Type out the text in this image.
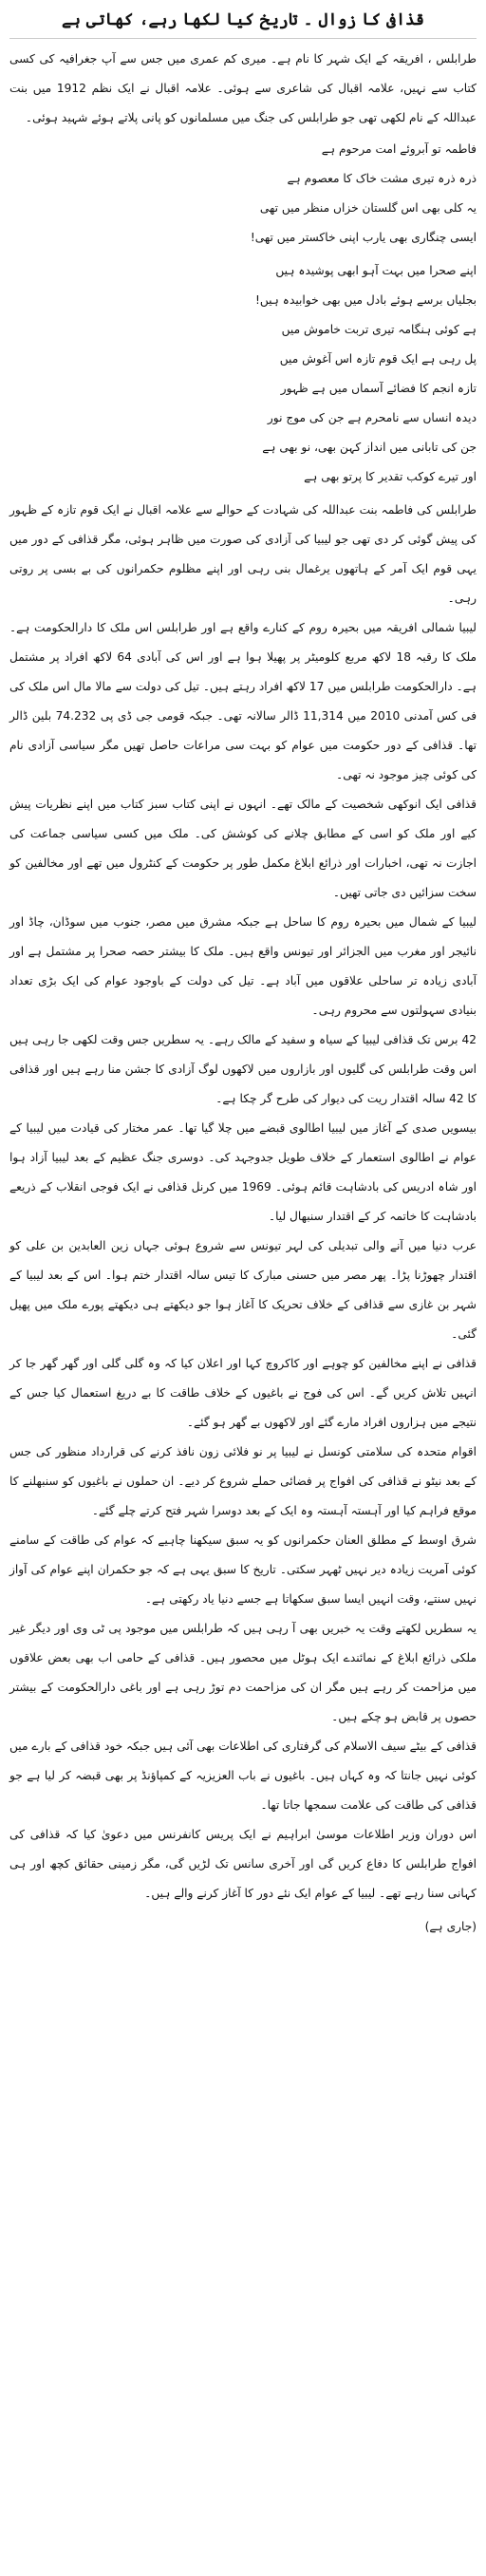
قذافی کا زوال ۔ تاریخ کیا لکھا رہے، کھاتی ہے

طرابلس ، افریقہ کے ایک شہر کا نام ہے۔ میری کم عمری میں جس سے آپ جغرافیہ کی کسی کتاب سے نہیں، علامہ اقبال کی شاعری سے ہوئی۔ علامہ اقبال نے ایک نظم 1912 میں بنت عبداللہ کے نام لکھی تھی جو طرابلس کی جنگ میں مسلمانوں کو پانی پلاتے ہوئے شہید ہوئی۔

فاطمہ تو آبروئے امت مرحوم ہے
ذرہ ذرہ تیری مشت خاک کا معصوم ہے
یہ کلی بھی اس گلستان خزاں منظر میں تھی
ایسی چنگاری بھی یارب اپنی خاکستر میں تھی!
اپنے صحرا میں بہت آہو ابھی پوشیدہ ہیں
بجلیاں برسے ہوئے بادل میں بھی خوابیدہ ہیں!
ہے کوئی ہنگامہ تیری تربت خاموش میں
پل رہی ہے ایک قوم تازہ اس آغوش میں
تازہ انجم کا فضائے آسماں میں ہے ظہور
دیدہ انساں سے نامحرم ہے جن کی موج نور
جن کی تابانی میں انداز کہن بھی، نو بھی ہے
اور تیرے کوکب تقدیر کا پرتو بھی ہے

طرابلس کی فاطمہ بنت عبداللہ کی شہادت کے حوالے سے علامہ اقبال نے ایک قوم تازہ کے ظہور کی پیش گوئی کر دی تھی جو لیبیا کی آزادی کی صورت میں ظاہر ہوئی، مگر قذافی کے دور میں یہی قوم ایک آمر کے ہاتھوں یرغمال بنی رہی اور اپنے مظلوم حکمرانوں کی بے بسی پر روتی رہی۔

لیبیا شمالی افریقہ میں بحیرہ روم کے کنارے واقع ہے اور طرابلس اس ملک کا دارالحکومت ہے۔ ملک کا رقبہ 18 لاکھ مربع کلومیٹر پر پھیلا ہوا ہے اور اس کی آبادی 64 لاکھ افراد پر مشتمل ہے۔ دارالحکومت طرابلس میں 17 لاکھ افراد رہتے ہیں۔ تیل کی دولت سے مالا مال اس ملک کی فی کس آمدنی 2010 میں 11,314 ڈالر سالانہ تھی۔ جبکہ قومی جی ڈی پی 74.232 بلین ڈالر تھا۔ قذافی کے دور حکومت میں عوام کو بہت سی مراعات حاصل تھیں مگر سیاسی آزادی نام کی کوئی چیز موجود نہ تھی۔

قذافی ایک انوکھی شخصیت کے مالک تھے۔ انہوں نے اپنی کتاب سبز کتاب میں اپنے نظریات پیش کیے اور ملک کو اسی کے مطابق چلانے کی کوشش کی۔ ملک میں کسی سیاسی جماعت کی اجازت نہ تھی، اخبارات اور ذرائع ابلاغ مکمل طور پر حکومت کے کنٹرول میں تھے اور مخالفین کو سخت سزائیں دی جاتی تھیں۔

لیبیا کے شمال میں بحیرہ روم کا ساحل ہے جبکہ مشرق میں مصر، جنوب میں سوڈان، چاڈ اور نائیجر اور مغرب میں الجزائر اور تیونس واقع ہیں۔ ملک کا بیشتر حصہ صحرا پر مشتمل ہے اور آبادی زیادہ تر ساحلی علاقوں میں آباد ہے۔ تیل کی دولت کے باوجود عوام کی ایک بڑی تعداد بنیادی سہولتوں سے محروم رہی۔

42 برس تک قذافی لیبیا کے سیاہ و سفید کے مالک رہے۔ یہ سطریں جس وقت لکھی جا رہی ہیں اس وقت طرابلس کی گلیوں اور بازاروں میں لاکھوں لوگ آزادی کا جشن منا رہے ہیں اور قذافی کا 42 سالہ اقتدار ریت کی دیوار کی طرح گر چکا ہے۔

بیسویں صدی کے آغاز میں لیبیا اطالوی قبضے میں چلا گیا تھا۔ عمر مختار کی قیادت میں لیبیا کے عوام نے اطالوی استعمار کے خلاف طویل جدوجہد کی۔ دوسری جنگ عظیم کے بعد لیبیا آزاد ہوا اور شاہ ادریس کی بادشاہت قائم ہوئی۔ 1969 میں کرنل قذافی نے ایک فوجی انقلاب کے ذریعے بادشاہت کا خاتمہ کر کے اقتدار سنبھال لیا۔

عرب دنیا میں آنے والی تبدیلی کی لہر تیونس سے شروع ہوئی جہاں زین العابدین بن علی کو اقتدار چھوڑنا پڑا۔ پھر مصر میں حسنی مبارک کا تیس سالہ اقتدار ختم ہوا۔ اس کے بعد لیبیا کے شہر بن غازی سے قذافی کے خلاف تحریک کا آغاز ہوا جو دیکھتے ہی دیکھتے پورے ملک میں پھیل گئی۔

قذافی نے اپنے مخالفین کو چوہے اور کاکروچ کہا اور اعلان کیا کہ وہ گلی گلی اور گھر گھر جا کر انہیں تلاش کریں گے۔ اس کی فوج نے باغیوں کے خلاف طاقت کا بے دریغ استعمال کیا جس کے نتیجے میں ہزاروں افراد مارے گئے اور لاکھوں بے گھر ہو گئے۔

اقوام متحدہ کی سلامتی کونسل نے لیبیا پر نو فلائی زون نافذ کرنے کی قرارداد منظور کی جس کے بعد نیٹو نے قذافی کی افواج پر فضائی حملے شروع کر دیے۔ ان حملوں نے باغیوں کو سنبھلنے کا موقع فراہم کیا اور آہستہ آہستہ وہ ایک کے بعد دوسرا شہر فتح کرتے چلے گئے۔

شرق اوسط کے مطلق العنان حکمرانوں کو یہ سبق سیکھنا چاہیے کہ عوام کی طاقت کے سامنے کوئی آمریت زیادہ دیر نہیں ٹھہر سکتی۔ تاریخ کا سبق یہی ہے کہ جو حکمران اپنے عوام کی آواز نہیں سنتے، وقت انہیں ایسا سبق سکھاتا ہے جسے دنیا یاد رکھتی ہے۔

یہ سطریں لکھتے وقت یہ خبریں بھی آ رہی ہیں کہ طرابلس میں موجود پی ٹی وی اور دیگر غیر ملکی ذرائع ابلاغ کے نمائندے ایک ہوٹل میں محصور ہیں۔ قذافی کے حامی اب بھی بعض علاقوں میں مزاحمت کر رہے ہیں مگر ان کی مزاحمت دم توڑ رہی ہے اور باغی دارالحکومت کے بیشتر حصوں پر قابض ہو چکے ہیں۔

قذافی کے بیٹے سیف الاسلام کی گرفتاری کی اطلاعات بھی آئی ہیں جبکہ خود قذافی کے بارے میں کوئی نہیں جانتا کہ وہ کہاں ہیں۔ باغیوں نے باب العزیزیہ کے کمپاؤنڈ پر بھی قبضہ کر لیا ہے جو قذافی کی طاقت کی علامت سمجھا جاتا تھا۔

اس دوران وزیر اطلاعات موسیٰ ابراہیم نے ایک پریس کانفرنس میں دعویٰ کیا کہ قذافی کی افواج طرابلس کا دفاع کریں گی اور آخری سانس تک لڑیں گی، مگر زمینی حقائق کچھ اور ہی کہانی سنا رہے تھے۔ لیبیا کے عوام ایک نئے دور کا آغاز کرنے والے ہیں۔

(جاری ہے)
